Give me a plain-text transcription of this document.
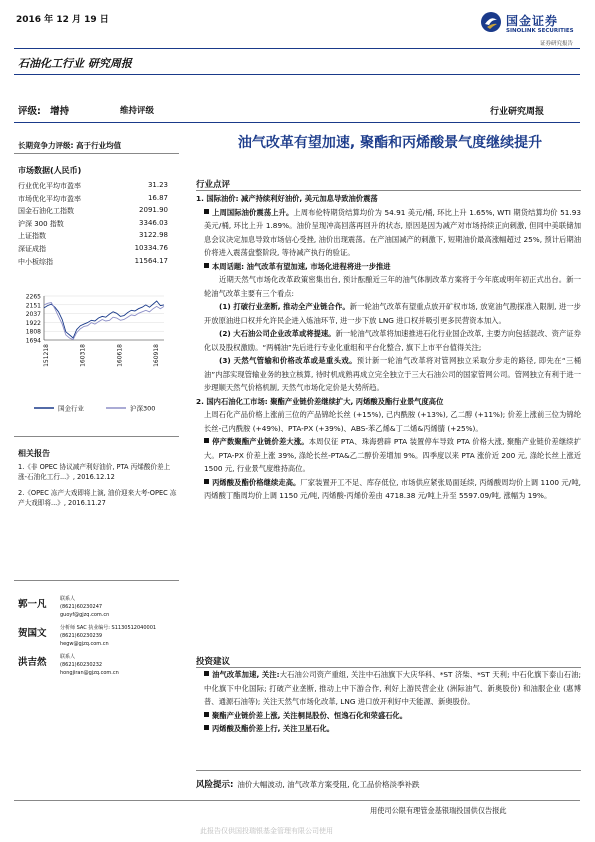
2016 年 12 月 19 日	国金证券
SINOLINK SECURITIES
证券研究报告
石油化工行业 研究周报
评级: 增持	维持评级	行业研究周报
长期竞争力评级: 高于行业均值
市场数据(人民币)
行业优化平均市盈率	31.23
市场优化平均市盈率	16.87
国金石油化工指数	2091.90
沪深 300 指数	3346.03
上证指数	3122.98
深证成指	10334.76
中小板综指	11564.17
1694
1808
1922
2037
2151
2265
151218	160318	160618	160918
国金行业	沪深300
相关报告
1.《非 OPEC 协议减产利好油价, PTA 丙烯酸价差上涨-石油化工行...》, 2016.12.12
2.《OPEC 冻产大戏即将上演, 油价迎来大考-OPEC 冻产大戏即将...》, 2016.11.27
郭一凡	联系人
(8621)60230247
guoyf@gjzq.com.cn
贺国文	分析师 SAC 执业编号: S1130512040001
(8621)60230239
hegw@gjzq.com.cn
洪吉然	联系人
(8621)60230232
hongjiran@gjzq.com.cn
油气改革有望加速, 聚酯和丙烯酸景气度继续提升
行业点评
1. 国际油价: 减产持续利好油价, 美元加息导致油价震荡
上周国际油价震荡上升。上周布伦特期货结算均价为 54.91 美元/桶, 环比上升 1.65%, WTI 期货结算均价 51.93 美元/桶, 环比上升 1.89%。油价呈现冲高回落再回升的状态, 原因是因为减产对市场持续正向刺激, 但同中美联储加息会议决定加息导致市场信心受挫, 油价出现震荡。在产油国减产的刺激下, 短期油价最高涨幅超过 25%, 预计后期油价将进入震荡盘整阶段, 等待减产执行的验证。
本周话题: 油气改革有望加速, 市场化进程将进一步推进
近期天然气市场化改革政策密集出台, 预计酝酿近三年的油气体制改革方案将于今年底或明年初正式出台。新一轮油气改革主要有三个看点:
(1) 打破行业垄断, 推动全产业链合作。新一轮油气改革有望重点放开矿权市场, 放宽油气勘探准入限制, 进一步开放原油进口权并允许民企进入炼油环节, 进一步下放 LNG 进口权并吸引更多民营资本加入。
(2) 大石油公司企业改革或将提速。新一轮油气改革将加速推进石化行业国企改革, 主要方向包括混改、资产证券化以及股权激励。“两桶油”先后进行专业化重组和平台化整合, 旗下上市平台值得关注;
(3) 天然气管输和价格改革或是重头戏。预计新一轮油气改革将对管网独立采取分步走的路径, 即先在“三桶油”内部实现管输业务的独立核算, 待时机成熟再成立完全独立于三大石油公司的国家管网公司。管网独立有利于进一步理顺天然气价格机制, 天然气市场化定价是大势所趋。
2. 国内石油化工市场: 聚酯产业链价差继续扩大, 丙烯酸及酯行业景气度高位
上周石化产品价格上涨前三位的产品锦纶长丝 (+15%), 己内酰胺 (+13%), 乙二醇 (+11%); 价差上涨前三位为锦纶长丝-己内酰胺 (+49%)、PTA-PX (+39%)、ABS-苯乙烯&丁二烯&丙烯腈 (+25%)。
停产数聚酯产业链价差大涨。本周仅征 PTA、珠海碧辟 PTA 装置停车导致 PTA 价格大涨, 聚酯产业链价差继续扩大。PTA-PX 价差上涨 39%, 涤纶长丝-PTA&乙二醇价差增加 9%。四季度以来 PTA 涨价近 200 元, 涤纶长丝上涨近 1500 元, 行业景气度维持高位。
丙烯酸及酯价格继续走高。厂家装置开工不足、库存低位, 市场供应紧张局面延续, 丙烯酸周均价上调 1100 元/吨, 丙烯酸丁酯周均价上调 1150 元/吨, 丙烯酸-丙烯价差由 4718.38 元/吨上升至 5597.09/吨, 涨幅为 19%。
投资建议
油气改革加速, 关注:大石油公司资产重组, 关注中石油旗下大庆华科、*ST 济柴、*ST 天利; 中石化旗下泰山石油; 中化旗下中化国际; 打破产业垄断, 推动上中下游合作, 利好上游民营企业 (洲际油气、新奥股份) 和油服企业 (惠博普、通源石油等); 关注天然气市场化改革, LNG 进口放开利好中天能源、新奥股份。
聚酯产业链价差上涨, 关注桐昆股份、恒逸石化和荣盛石化。
丙烯酸及酯价差上行, 关注卫星石化。
风险提示: 油价大幅波动, 油气改革方案受阻, 化工品价格淡季补跌
用使司公限有理管金基银瑞投国供仅告报此
此报告仅供国投瑞银基金管理有限公司使用
